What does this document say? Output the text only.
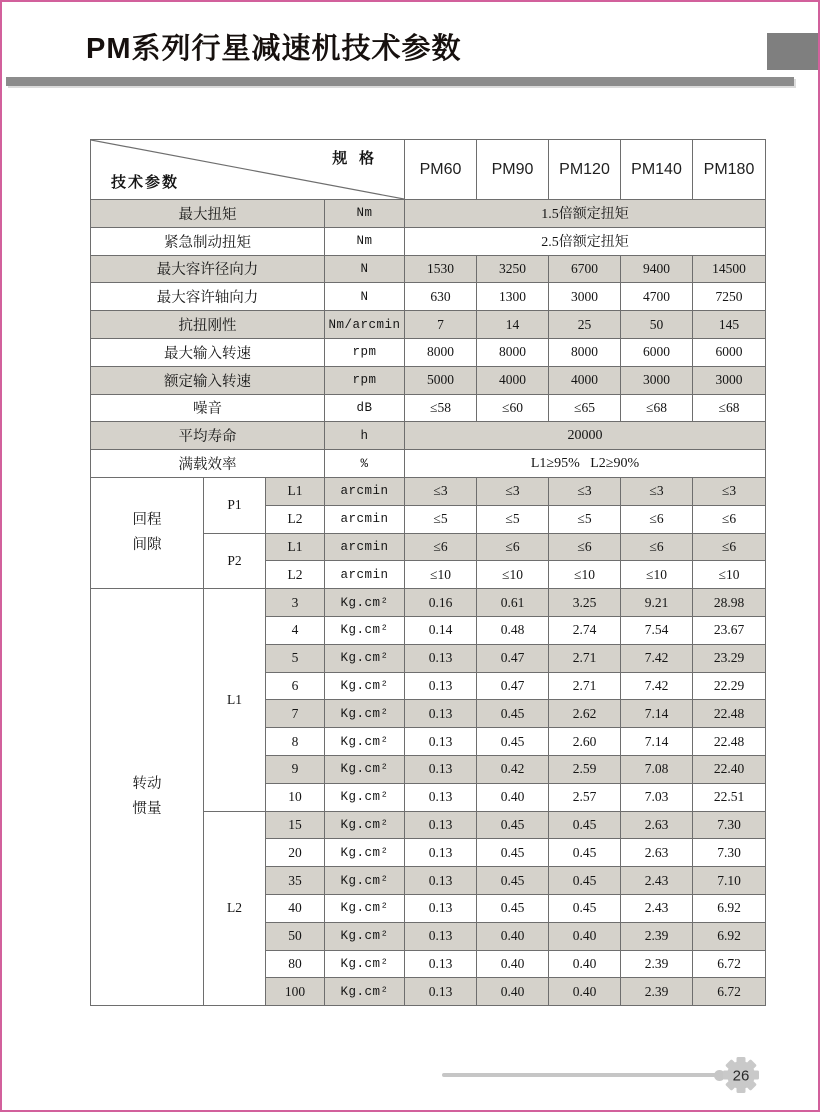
PM系列行星减速机技术参数
规 格
技术参数				PM60	PM90	PM120	PM140	PM180
最大扭矩			Nm	1.5倍额定扭矩				
紧急制动扭矩			Nm	2.5倍额定扭矩				
最大容许径向力			N	1530	3250	6700	9400	14500
最大容许轴向力			N	630	1300	3000	4700	7250
抗扭刚性			Nm/arcmin	7	14	25	50	145
最大输入转速			rpm	8000	8000	8000	6000	6000
额定输入转速			rpm	5000	4000	4000	3000	3000
噪音			dB	≤58	≤60	≤65	≤68	≤68
平均寿命			h	20000				
满载效率			%	L1≥95%   L2≥90%				

回程
间隙	P1	L1	arcmin	≤3	≤3	≤3	≤3	≤3
		L2	arcmin	≤5	≤5	≤5	≤6	≤6
	P2	L1	arcmin	≤6	≤6	≤6	≤6	≤6
		L2	arcmin	≤10	≤10	≤10	≤10	≤10

转动
惯量	L1	3	Kg.cm²	0.16	0.61	3.25	9.21	28.98
		4	Kg.cm²	0.14	0.48	2.74	7.54	23.67
		5	Kg.cm²	0.13	0.47	2.71	7.42	23.29
		6	Kg.cm²	0.13	0.47	2.71	7.42	22.29
		7	Kg.cm²	0.13	0.45	2.62	7.14	22.48
		8	Kg.cm²	0.13	0.45	2.60	7.14	22.48
		9	Kg.cm²	0.13	0.42	2.59	7.08	22.40
		10	Kg.cm²	0.13	0.40	2.57	7.03	22.51
	L2	15	Kg.cm²	0.13	0.45	0.45	2.63	7.30
		20	Kg.cm²	0.13	0.45	0.45	2.63	7.30
		35	Kg.cm²	0.13	0.45	0.45	2.43	7.10
		40	Kg.cm²	0.13	0.45	0.45	2.43	6.92
		50	Kg.cm²	0.13	0.40	0.40	2.39	6.92
		80	Kg.cm²	0.13	0.40	0.40	2.39	6.72
		100	Kg.cm²	0.13	0.40	0.40	2.39	6.72
26
